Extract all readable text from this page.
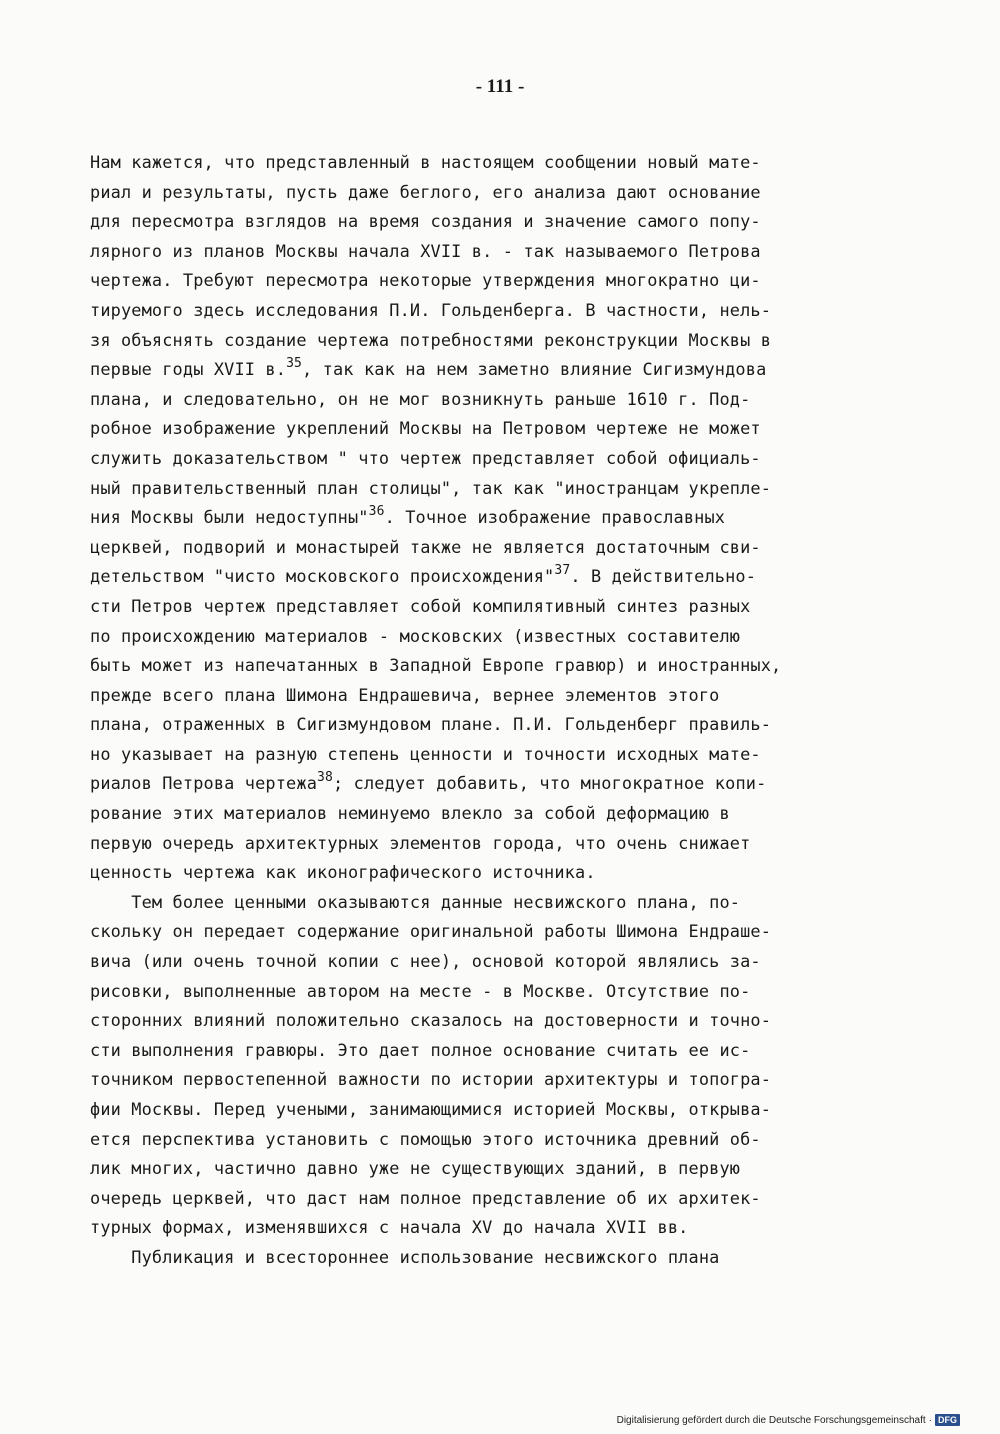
- 111 -
Нам кажется, что представленный в настоящем сообщении новый мате-
риал и результаты, пусть даже беглого, его анализа дают основание
для пересмотра взглядов на время создания и значение самого попу-
лярного из планов Москвы начала XVII в. - так называемого Петрова
чертежа. Требуют пересмотра некоторые утверждения многократно ци-
тируемого здесь исследования П.И. Гольденберга. В частности, нель-
зя объяснять создание чертежа потребностями реконструкции Москвы в
первые годы XVII в.$^{35}$, так как на нем заметно влияние Сигизмундова
плана, и следовательно, он не мог возникнуть раньше 1610 г. Под-
робное изображение укреплений Москвы на Петровом чертеже не может
служить доказательством " что чертеж представляет собой официаль-
ный правительственный план столицы", так как "иностранцам укрепле-
ния Москвы были недоступны"$^{36}$. Точное изображение православных
церквей, подворий и монастырей также не является достаточным сви-
детельством "чисто московского происхождения"$^{37}$. В действительно-
сти Петров чертеж представляет собой компилятивный синтез разных
по происхождению материалов - московских (известных составителю
быть может из напечатанных в Западной Европе гравюр) и иностранных,
прежде всего плана Шимона Ендрашевича, вернее элементов этого
плана, отраженных в Сигизмундовом плане. П.И. Гольденберг правиль-
но указывает на разную степень ценности и точности исходных мате-
риалов Петрова чертежа$^{38}$; следует добавить, что многократное копи-
рование этих материалов неминуемо влекло за собой деформацию в
первую очередь архитектурных элементов города, что очень снижает
ценность чертежа как иконографического источника.
Тем более ценными оказываются данные несвижского плана, по-
скольку он передает содержание оригинальной работы Шимона Ендраше-
вича (или очень точной копии с нее), основой которой являлись за-
рисовки, выполненные автором на месте - в Москве. Отсутствие по-
сторонних влияний положительно сказалось на достоверности и точно-
сти выполнения гравюры. Это дает полное основание считать ее ис-
точником первостепенной важности по истории архитектуры и топогра-
фии Москвы. Перед учеными, занимающимися историей Москвы, открыва-
ется перспектива установить с помощью этого источника древний об-
лик многих, частично давно уже не существующих зданий, в первую
очередь церквей, что даст нам полное представление об их архитек-
турных формах, изменявшихся с начала XV до начала XVII вв.
Публикация и всестороннее использование несвижского плана
Digitalisierung gefördert durch die Deutsche Forschungsgemeinschaft · DFG
